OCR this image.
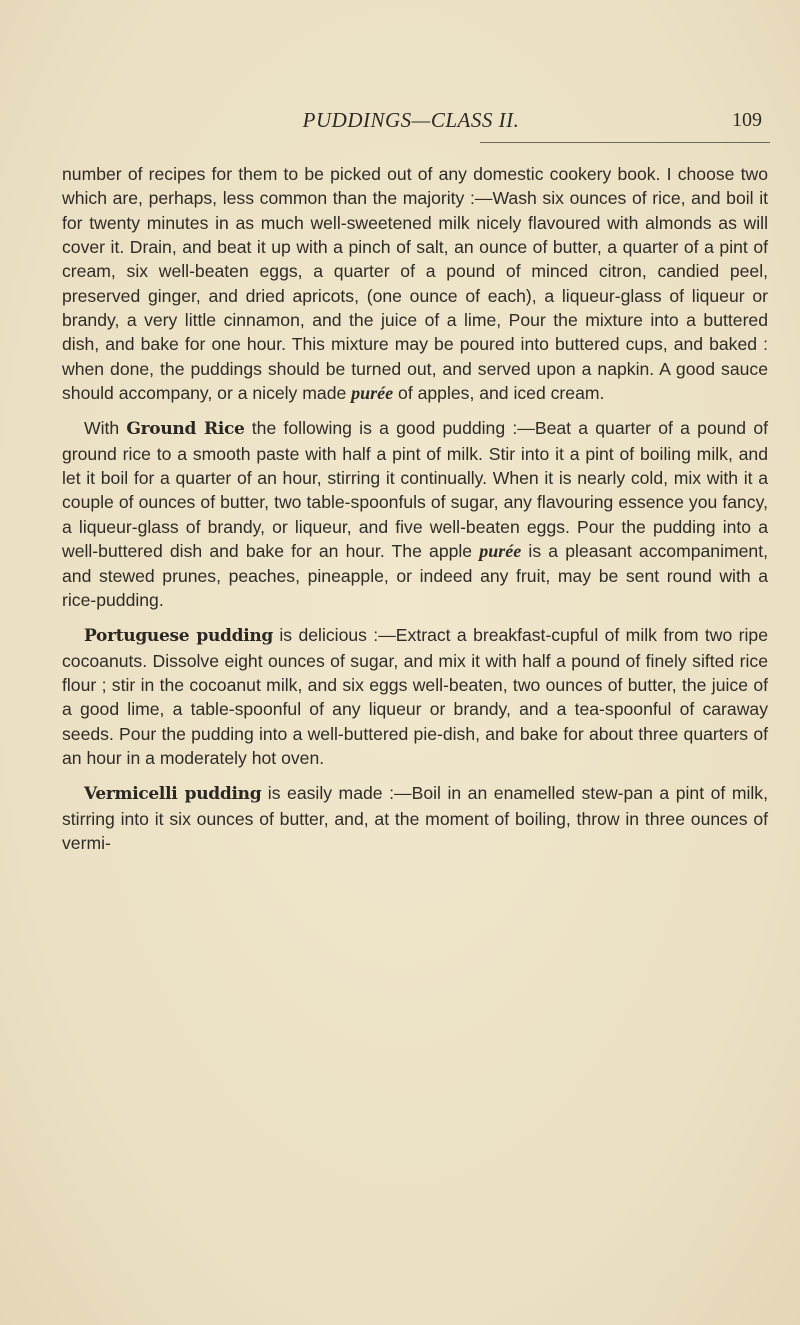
PUDDINGS—CLASS II.	109

number of recipes for them to be picked out of any domestic cookery book. I choose two which are, perhaps, less common than the majority :—Wash six ounces of rice, and boil it for twenty minutes in as much well-sweetened milk nicely flavoured with almonds as will cover it. Drain, and beat it up with a pinch of salt, an ounce of butter, a quarter of a pint of cream, six well-beaten eggs, a quarter of a pound of minced citron, candied peel, preserved ginger, and dried apricots, (one ounce of each), a liqueur-glass of liqueur or brandy, a very little cinnamon, and the juice of a lime, Pour the mixture into a buttered dish, and bake for one hour. This mixture may be poured into buttered cups, and baked : when done, the puddings should be turned out, and served upon a napkin. A good sauce should accompany, or a nicely made purée of apples, and iced cream.

With Ground Rice the following is a good pudding :—Beat a quarter of a pound of ground rice to a smooth paste with half a pint of milk. Stir into it a pint of boiling milk, and let it boil for a quarter of an hour, stirring it continually. When it is nearly cold, mix with it a couple of ounces of butter, two table-spoonfuls of sugar, any flavouring essence you fancy, a liqueur-glass of brandy, or liqueur, and five well-beaten eggs. Pour the pudding into a well-buttered dish and bake for an hour. The apple purée is a pleasant accompaniment, and stewed prunes, peaches, pineapple, or indeed any fruit, may be sent round with a rice-pudding.

Portuguese pudding is delicious :—Extract a breakfast-cupful of milk from two ripe cocoanuts. Dissolve eight ounces of sugar, and mix it with half a pound of finely sifted rice flour ; stir in the cocoanut milk, and six eggs well-beaten, two ounces of butter, the juice of a good lime, a table-spoonful of any liqueur or brandy, and a tea-spoonful of caraway seeds. Pour the pudding into a well-buttered pie-dish, and bake for about three quarters of an hour in a moderately hot oven.

Vermicelli pudding is easily made :—Boil in an enamelled stew-pan a pint of milk, stirring into it six ounces of butter, and, at the moment of boiling, throw in three ounces of vermi-
